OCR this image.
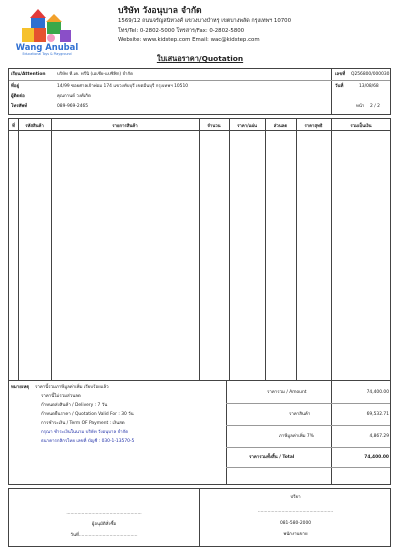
Wang Anubal
Educational Toys & Playground
บริษัท วังอนุบาล จำกัด
1569/12 ถนนจรัญสนิทวงศ์ แขวงบางบำหรุ เขตบางพลัด กรุงเทพฯ 10700
โทร/Tel: 0-2802-5000 โทรสาร/Fax: 0-2802-5800
Website: www.kidstep.com Email: wac@kidstep.com
ใบเสนอราคา/Quotation
เรียน/Attention	บริษัท ที.เค. ทรีนิ (เอเชีย-แปซิฟิก) จำกัด
ที่อยู่	14/99 ซอยศาลเจ้าพ่อม 174 แขวงทับบุรี เขตมีนบุรี กรุงเทพฯ 10510
ผู้ติดต่อ	คุณกานต์ วงศ์เกิด
โทรศัพท์	089-969-2465
เลขที่ Q256800/000030
วันที่	13/08/68
หน้า 2 / 2
ที่	รหัสสินค้า	รายการสินค้า	จำนวน	ราคา/แผ่น	ส่วนลด	ราคาสุทธิ	รวมเป็นเงิน
หมายเหตุ ราคานี้รวมภาษีมูลค่าเพิ่ม เรียบร้อยแล้ว
ราคานี้ไม่รวมส่วนลด
กำหนดส่งสินค้า / Delivery : 7 วัน
กำหนดยืนราคา / Quotation Valid For : 30 วัน
การชำระเงิน / Term OF Payment : เงินสด
กรุณา ชำระเงินในนาม บริษัท วังอนุบาล จำกัด
ธนาคารกสิกรไทย เลขที่ บัญชี : 030-1-13570-5
ราคารวม / Amount	74,400.00
ราคาสินค้า	69,532.71
ภาษีมูลค่าเพิ่ม 7%	4,867.29
ราคารวมทั้งสิ้น / Total	74,400.00
......................................................
ผู้อนุมัติสั่งซื้อ
วันที่..........................................
ปรียา
......................................................
081-580-2000
พนักงานขาย
